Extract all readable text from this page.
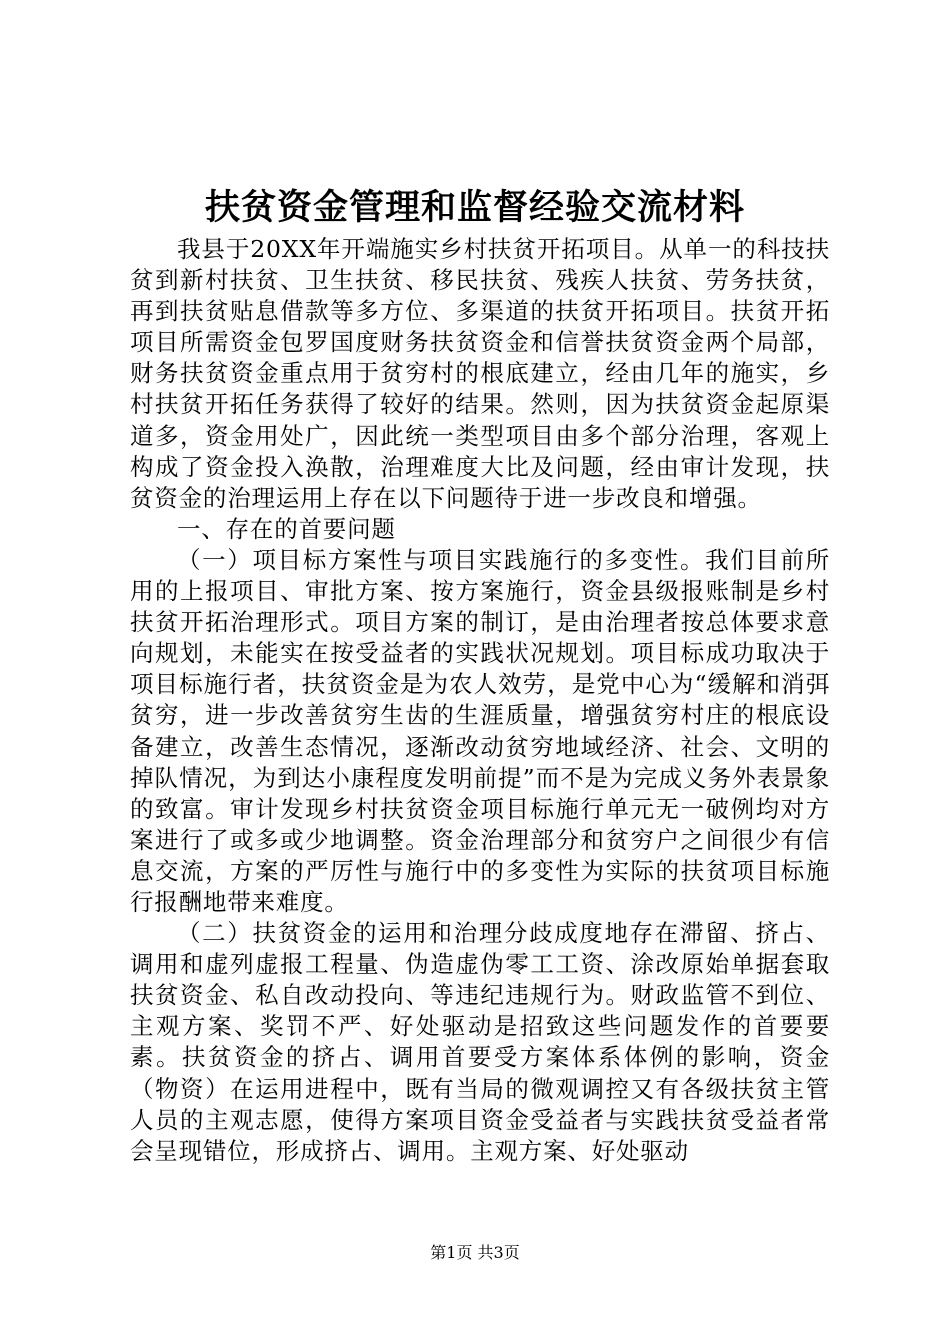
扶贫资金管理和监督经验交流材料

我县于20XX年开端施实乡村扶贫开拓项目。从单一的科技扶贫到新村扶贫、卫生扶贫、移民扶贫、残疾人扶贫、劳务扶贫，再到扶贫贴息借款等多方位、多渠道的扶贫开拓项目。扶贫开拓项目所需资金包罗国度财务扶贫资金和信誉扶贫资金两个局部，财务扶贫资金重点用于贫穷村的根底建立，经由几年的施实，乡村扶贫开拓任务获得了较好的结果。然则，因为扶贫资金起原渠道多，资金用处广，因此统一类型项目由多个部分治理，客观上构成了资金投入涣散，治理难度大比及问题，经由审计发现，扶贫资金的治理运用上存在以下问题待于进一步改良和增强。

一、存在的首要问题

（一）项目标方案性与项目实践施行的多变性。我们目前所用的上报项目、审批方案、按方案施行，资金县级报账制是乡村扶贫开拓治理形式。项目方案的制订，是由治理者按总体要求意向规划，未能实在按受益者的实践状况规划。项目标成功取决于项目标施行者，扶贫资金是为农人效劳，是党中心为“缓解和消弭贫穷，进一步改善贫穷生齿的生涯质量，增强贫穷村庄的根底设备建立，改善生态情况，逐渐改动贫穷地域经济、社会、文明的掉队情况，为到达小康程度发明前提”而不是为完成义务外表景象的致富。审计发现乡村扶贫资金项目标施行单元无一破例均对方案进行了或多或少地调整。资金治理部分和贫穷户之间很少有信息交流，方案的严厉性与施行中的多变性为实际的扶贫项目标施行报酬地带来难度。

（二）扶贫资金的运用和治理分歧成度地存在滞留、挤占、调用和虚列虚报工程量、伪造虚伪零工工资、涂改原始单据套取扶贫资金、私自改动投向、等违纪违规行为。财政监管不到位、主观方案、奖罚不严、好处驱动是招致这些问题发作的首要要素。扶贫资金的挤占、调用首要受方案体系体例的影响，资金（物资）在运用进程中，既有当局的微观调控又有各级扶贫主管人员的主观志愿，使得方案项目资金受益者与实践扶贫受益者常会呈现错位，形成挤占、调用。主观方案、好处驱动

第1页 共3页
